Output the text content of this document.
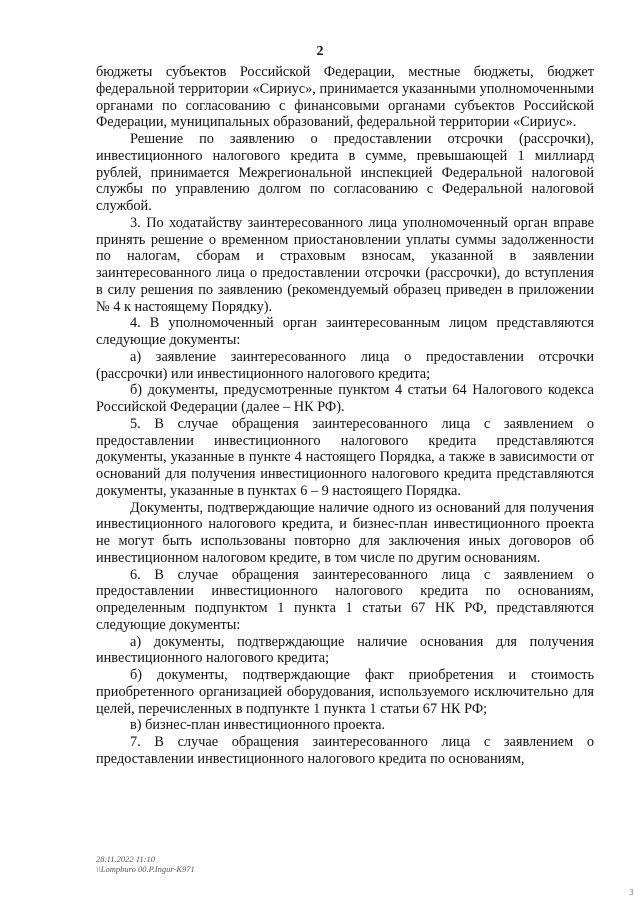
2

бюджеты субъектов Российской Федерации, местные бюджеты, бюджет федеральной территории «Сириус», принимается указанными уполномоченными органами по согласованию с финансовыми органами субъектов Российской Федерации, муниципальных образований, федеральной территории «Сириус».

Решение по заявлению о предоставлении отсрочки (рассрочки), инвестиционного налогового кредита в сумме, превышающей 1 миллиард рублей, принимается Межрегиональной инспекцией Федеральной налоговой службы по управлению долгом по согласованию с Федеральной налоговой службой.

3. По ходатайству заинтересованного лица уполномоченный орган вправе принять решение о временном приостановлении уплаты суммы задолженности по налогам, сборам и страховым взносам, указанной в заявлении заинтересованного лица о предоставлении отсрочки (рассрочки), до вступления в силу решения по заявлению (рекомендуемый образец приведен в приложении № 4 к настоящему Порядку).

4. В уполномоченный орган заинтересованным лицом представляются следующие документы:

а) заявление заинтересованного лица о предоставлении отсрочки (рассрочки) или инвестиционного налогового кредита;

б) документы, предусмотренные пунктом 4 статьи 64 Налогового кодекса Российской Федерации (далее – НК РФ).

5. В случае обращения заинтересованного лица с заявлением о предоставлении инвестиционного налогового кредита представляются документы, указанные в пункте 4 настоящего Порядка, а также в зависимости от оснований для получения инвестиционного налогового кредита представляются документы, указанные в пунктах 6 – 9 настоящего Порядка.

Документы, подтверждающие наличие одного из оснований для получения инвестиционного налогового кредита, и бизнес-план инвестиционного проекта не могут быть использованы повторно для заключения иных договоров об инвестиционном налоговом кредите, в том числе по другим основаниям.

6. В случае обращения заинтересованного лица с заявлением о предоставлении инвестиционного налогового кредита по основаниям, определенным подпунктом 1 пункта 1 статьи 67 НК РФ, представляются следующие документы:

а) документы, подтверждающие наличие основания для получения инвестиционного налогового кредита;

б) документы, подтверждающие факт приобретения и стоимость приобретенного организацией оборудования, используемого исключительно для целей, перечисленных в подпункте 1 пункта 1 статьи 67 НК РФ;

в) бизнес-план инвестиционного проекта.

7. В случае обращения заинтересованного лица с заявлением о предоставлении инвестиционного налогового кредита по основаниям,

28.11.2022 11:10
\\Lompburo 00.P.Ingur-K971
3
